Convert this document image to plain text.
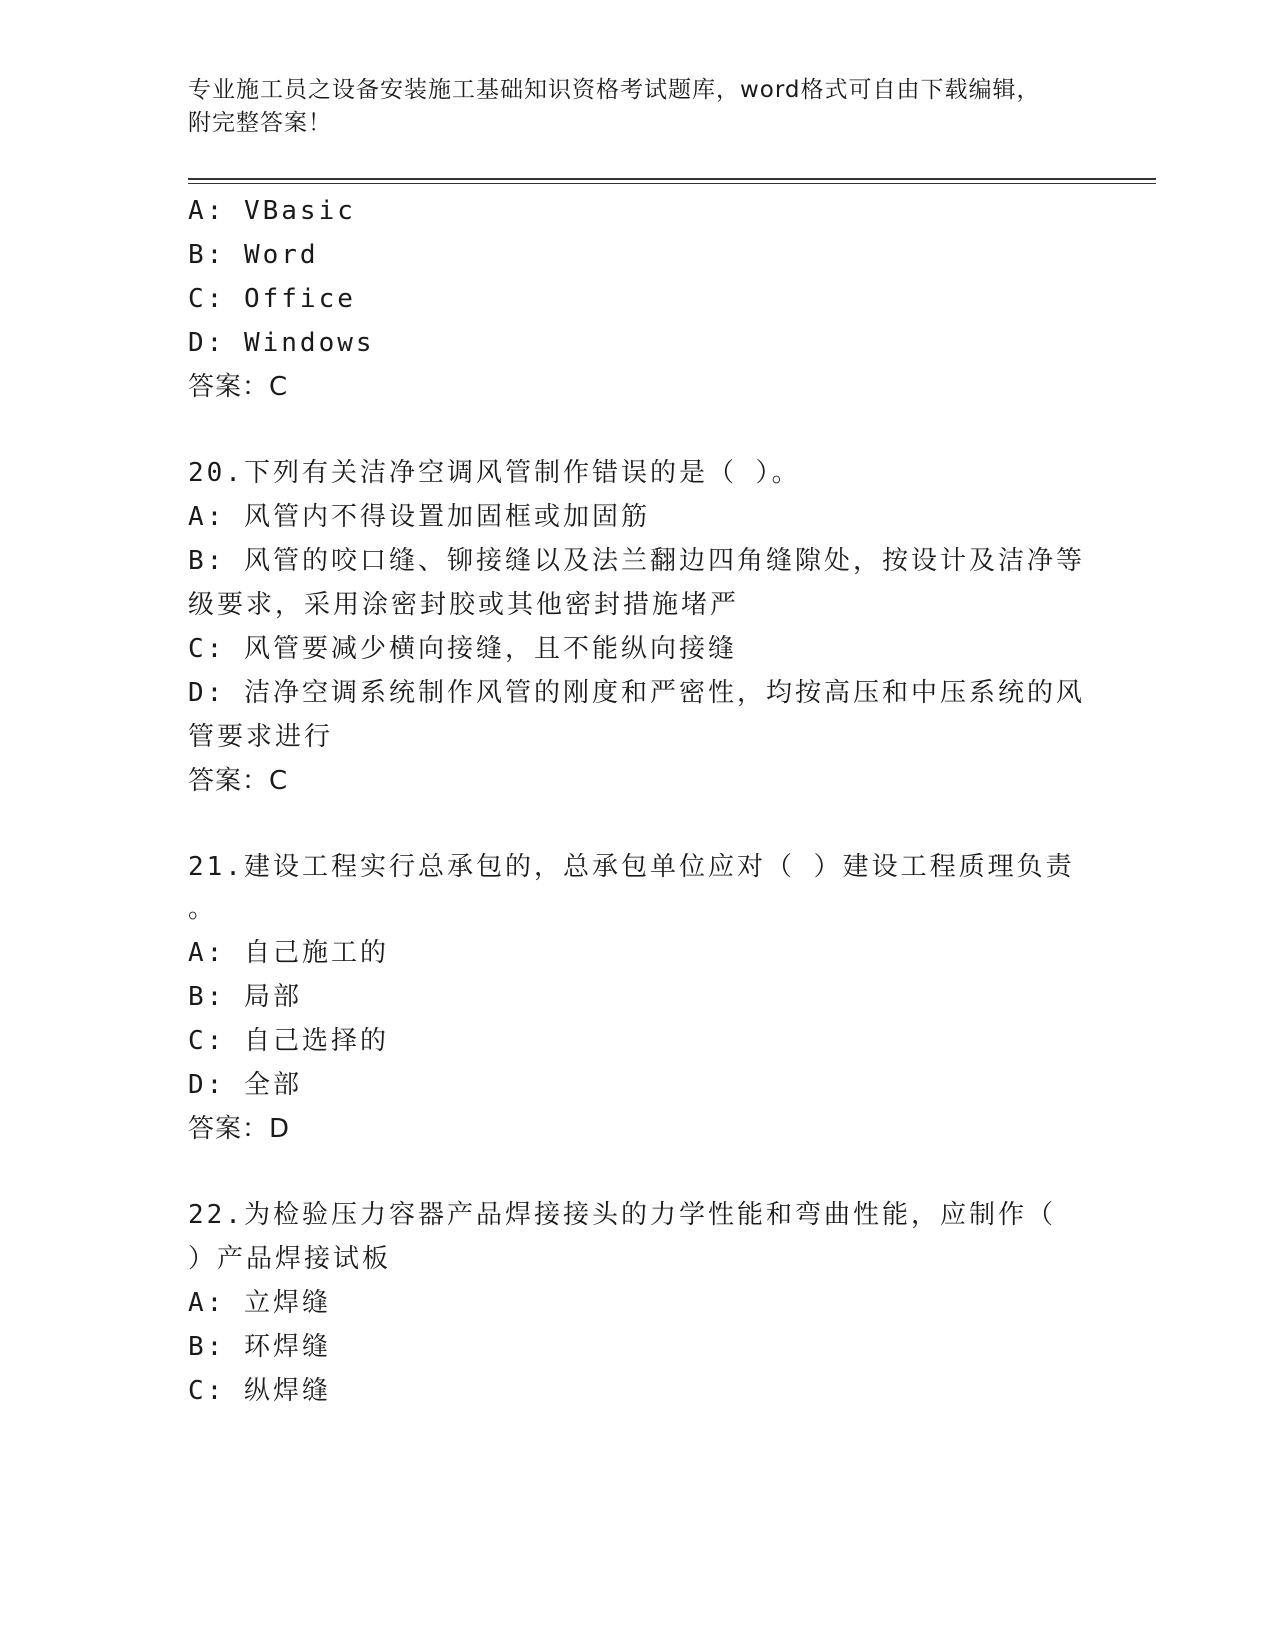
专业施工员之设备安装施工基础知识资格考试题库，word格式可自由下载编辑，
附完整答案！
A: VBasic
B: Word
C: Office
D: Windows
答案：C
20.下列有关洁净空调风管制作错误的是（ ）。
A: 风管内不得设置加固框或加固筋
B: 风管的咬口缝、铆接缝以及法兰翻边四角缝隙处，按设计及洁净等
级要求，采用涂密封胶或其他密封措施堵严
C: 风管要减少横向接缝，且不能纵向接缝
D: 洁净空调系统制作风管的刚度和严密性，均按高压和中压系统的风
管要求进行
答案：C
21.建设工程实行总承包的，总承包单位应对（ ）建设工程质理负责
。
A: 自己施工的
B: 局部
C: 自己选择的
D: 全部
答案：D
22.为检验压力容器产品焊接接头的力学性能和弯曲性能，应制作（
）产品焊接试板
A: 立焊缝
B: 环焊缝
C: 纵焊缝
